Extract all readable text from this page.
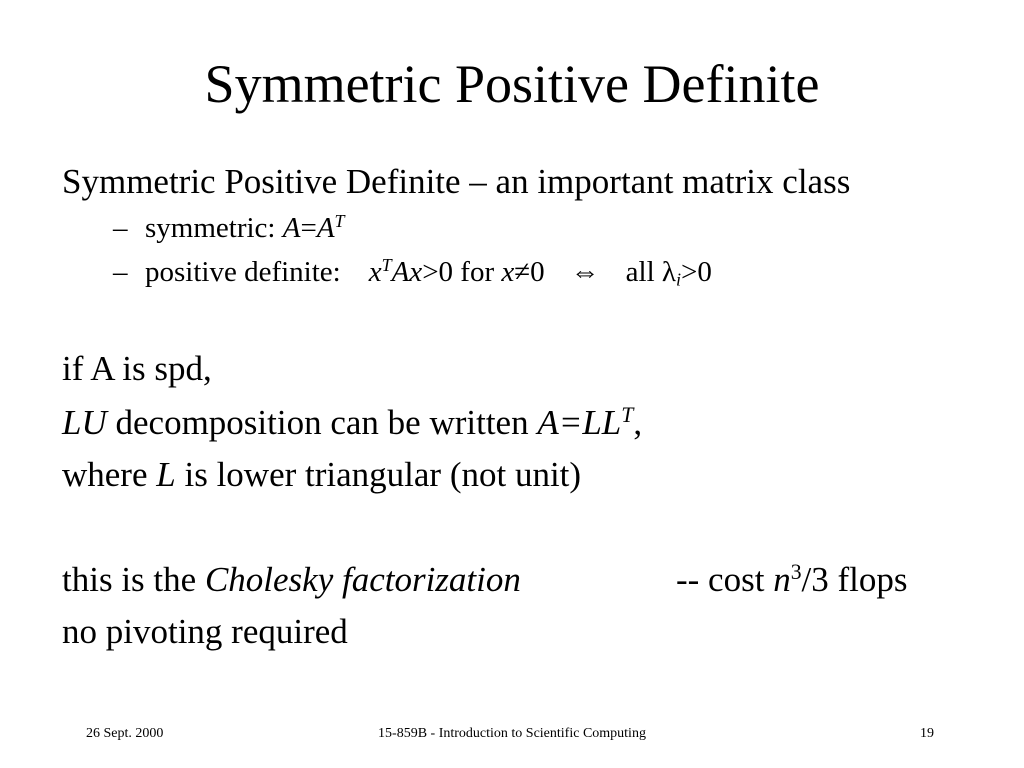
Symmetric Positive Definite
Symmetric Positive Definite – an important matrix class
– symmetric: $A=A^T$
– positive definite: $x^TAx>0$ for x≠0 ⇔ all $\lambda_i>0$
if A is spd,
LU decomposition can be written $A=LL^T$,
where L is lower triangular (not unit)
this is the Cholesky factorization	-- cost $n^3/3$ flops
no pivoting required
26 Sept. 2000	15-859B - Introduction to Scientific Computing	19
